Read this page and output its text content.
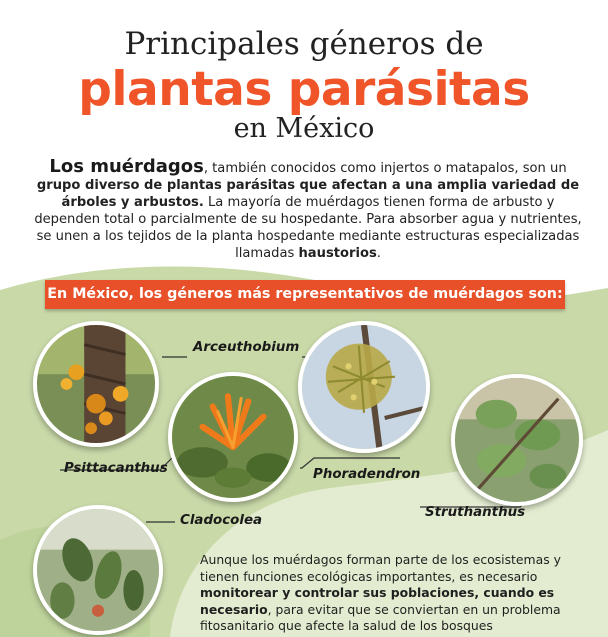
Principales géneros de
plantas parásitas
en México
Los muérdagos, también conocidos como injertos o matapalos, son un grupo diverso de plantas parásitas que afectan a una amplia variedad de árboles y arbustos. La mayoría de muérdagos tienen forma de arbusto y dependen total o parcialmente de su hospedante. Para absorber agua y nutrientes, se unen a los tejidos de la planta hospedante mediante estructuras especializadas llamadas haustorios.
En México, los géneros más representativos de muérdagos son:
Arceuthobium
Psittacanthus	Phoradendron
Struthanthus
Cladocolea
Aunque los muérdagos forman parte de los ecosistemas y tienen funciones ecológicas importantes, es necesario monitorear y controlar sus poblaciones, cuando es necesario, para evitar que se conviertan en un problema fitosanitario que afecte la salud de los bosques
